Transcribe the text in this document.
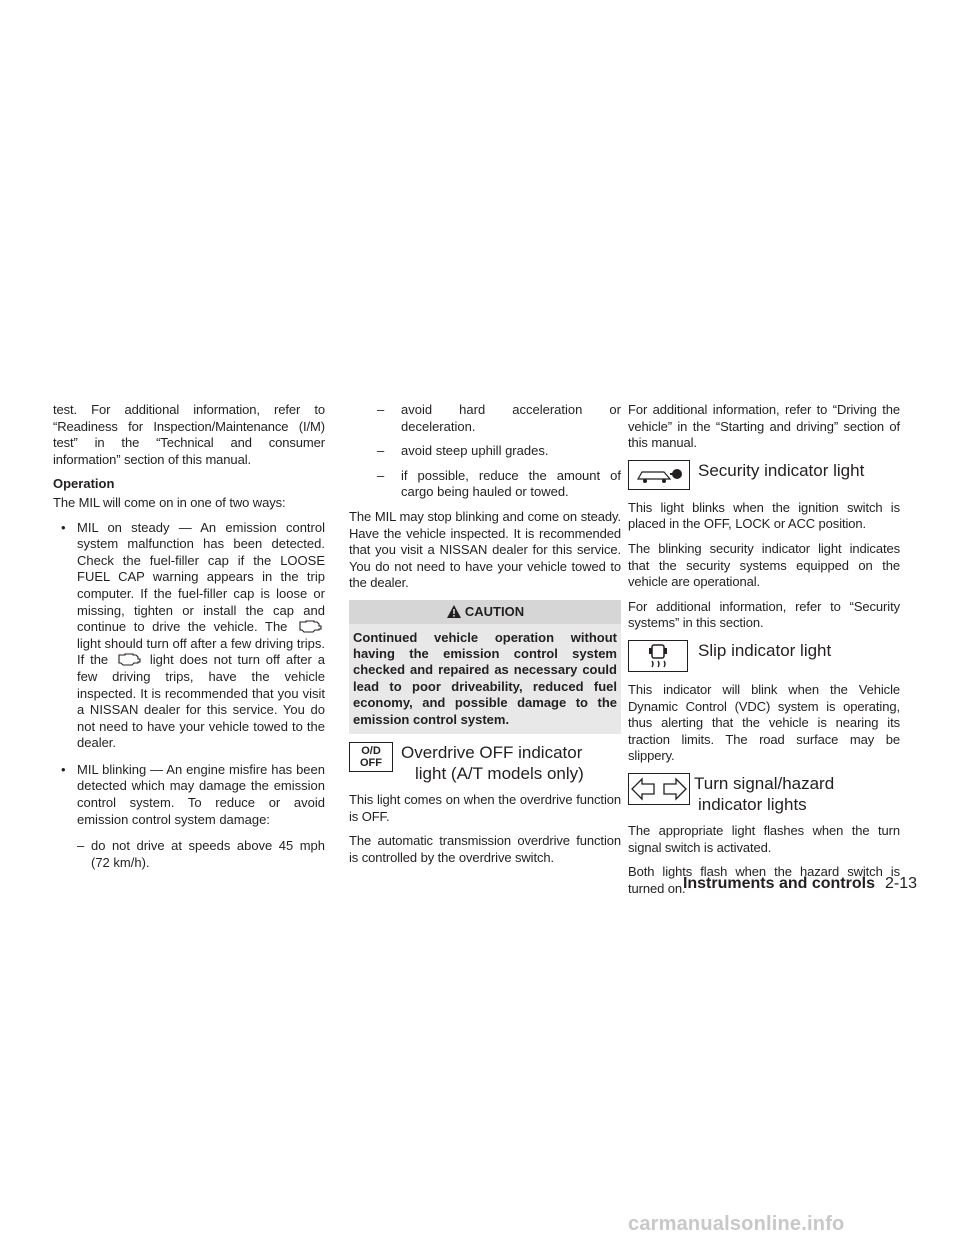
test. For additional information, refer to “Readiness for Inspection/Maintenance (I/M) test” in the “Technical and consumer information” section of this manual.

Operation

The MIL will come on in one of two ways:

• MIL on steady — An emission control system malfunction has been detected. Check the fuel-filler cap if the LOOSE FUEL CAP warning appears in the trip computer. If the fuel-filler cap is loose or missing, tighten or install the cap and continue to drive the vehicle. The  light should turn off after a few driving trips. If the	light does not turn off after a few driving trips, have the vehicle inspected. It is recommended that you visit a NISSAN dealer for this service. You do not need to have your vehicle towed to the dealer.
• MIL blinking — An engine misfire has been detected which may damage the emission control system. To reduce or avoid emission control system damage:
– do not drive at speeds above 45 mph (72 km/h).
– avoid hard acceleration or deceleration.
– avoid steep uphill grades.
– if possible, reduce the amount of cargo being hauled or towed.

The MIL may stop blinking and come on steady. Have the vehicle inspected. It is recommended that you visit a NISSAN dealer for this service. You do not need to have your vehicle towed to the dealer.

CAUTION
Continued vehicle operation without having the emission control system checked and repaired as necessary could lead to poor driveability, reduced fuel economy, and possible damage to the emission control system.
O/D
OFF
Overdrive OFF indicator
light (A/T models only)

This light comes on when the overdrive function is OFF.

The automatic transmission overdrive function is controlled by the overdrive switch.

For additional information, refer to “Driving the vehicle” in the “Starting and driving” section of this manual.

Security indicator light

This light blinks when the ignition switch is placed in the OFF, LOCK or ACC position.

The blinking security indicator light indicates that the security systems equipped on the vehicle are operational.

For additional information, refer to “Security systems” in this section.

Slip indicator light

This indicator will blink when the Vehicle Dynamic Control (VDC) system is operating, thus alerting that the vehicle is nearing its traction limits. The road surface may be slippery.

Turn signal/hazard
indicator lights

The appropriate light flashes when the turn signal switch is activated.

Both lights flash when the hazard switch is turned on.

Instruments and controls 2-13
carmanualsonline.info
